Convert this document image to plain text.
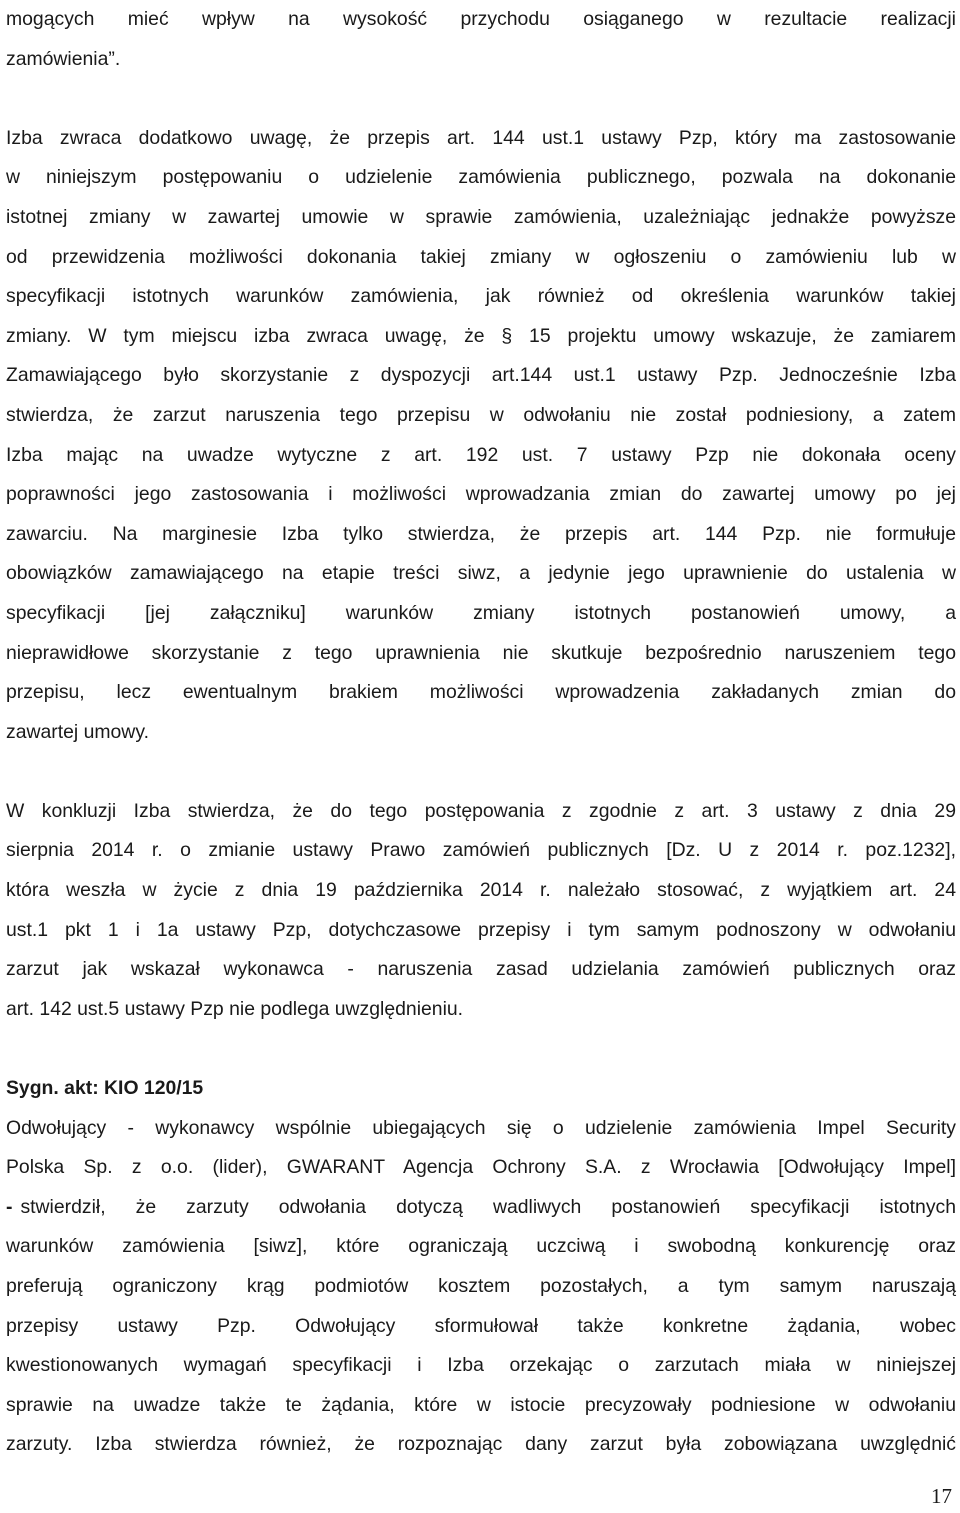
mogących mieć wpływ na wysokość przychodu osiąganego w rezultacie realizacji
zamówienia”.
Izba zwraca dodatkowo uwagę, że przepis art. 144 ust.1 ustawy Pzp, który ma zastosowanie
w niniejszym postępowaniu o udzielenie zamówienia publicznego, pozwala na dokonanie
istotnej zmiany w zawartej umowie w sprawie zamówienia, uzależniając jednakże powyższe
od przewidzenia możliwości dokonania takiej zmiany w ogłoszeniu o zamówieniu lub w
specyfikacji istotnych warunków zamówienia, jak również od określenia warunków takiej
zmiany. W tym miejscu izba zwraca uwagę, że § 15 projektu umowy wskazuje, że zamiarem
Zamawiającego było skorzystanie z dyspozycji art.144 ust.1 ustawy Pzp. Jednocześnie Izba
stwierdza, że zarzut naruszenia tego przepisu w odwołaniu nie został podniesiony, a zatem
Izba mając na uwadze wytyczne z art. 192 ust. 7 ustawy Pzp nie dokonała oceny
poprawności jego zastosowania i możliwości wprowadzania zmian do zawartej umowy po jej
zawarciu. Na marginesie Izba tylko stwierdza, że przepis art. 144 Pzp. nie formułuje
obowiązków zamawiającego na etapie treści siwz, a jedynie jego uprawnienie do ustalenia w
specyfikacji [jej załączniku] warunków zmiany istotnych postanowień umowy, a
nieprawidłowe skorzystanie z tego uprawnienia nie skutkuje bezpośrednio naruszeniem tego
przepisu, lecz ewentualnym brakiem możliwości wprowadzenia zakładanych zmian do
zawartej umowy.
W konkluzji Izba stwierdza, że do tego postępowania z zgodnie z art. 3 ustawy z dnia 29
sierpnia 2014 r. o zmianie ustawy Prawo zamówień publicznych [Dz. U z 2014 r. poz.1232],
która weszła w życie z dnia 19 października 2014 r. należało stosować, z wyjątkiem art. 24
ust.1 pkt 1 i 1a ustawy Pzp, dotychczasowe przepisy i tym samym podnoszony w odwołaniu
zarzut jak wskazał wykonawca - naruszenia zasad udzielania zamówień publicznych oraz
art. 142 ust.5 ustawy Pzp nie podlega uwzględnieniu.
Sygn. akt: KIO 120/15
Odwołujący - wykonawcy wspólnie ubiegających się o udzielenie zamówienia Impel Security
Polska Sp. z o.o. (lider), GWARANT Agencja Ochrony S.A. z Wrocławia [Odwołujący Impel]
- stwierdził, że zarzuty odwołania dotyczą wadliwych postanowień specyfikacji istotnych
warunków zamówienia [siwz], które ograniczają uczciwą i swobodną konkurencję oraz
preferują ograniczony krąg podmiotów kosztem pozostałych, a tym samym naruszają
przepisy ustawy Pzp. Odwołujący sformułował także konkretne żądania, wobec
kwestionowanych wymagań specyfikacji i Izba orzekając o zarzutach miała w niniejszej
sprawie na uwadze także te żądania, które w istocie precyzowały podniesione w odwołaniu
zarzuty. Izba stwierdza również, że rozpoznając dany zarzut była zobowiązana uwzględnić
17
